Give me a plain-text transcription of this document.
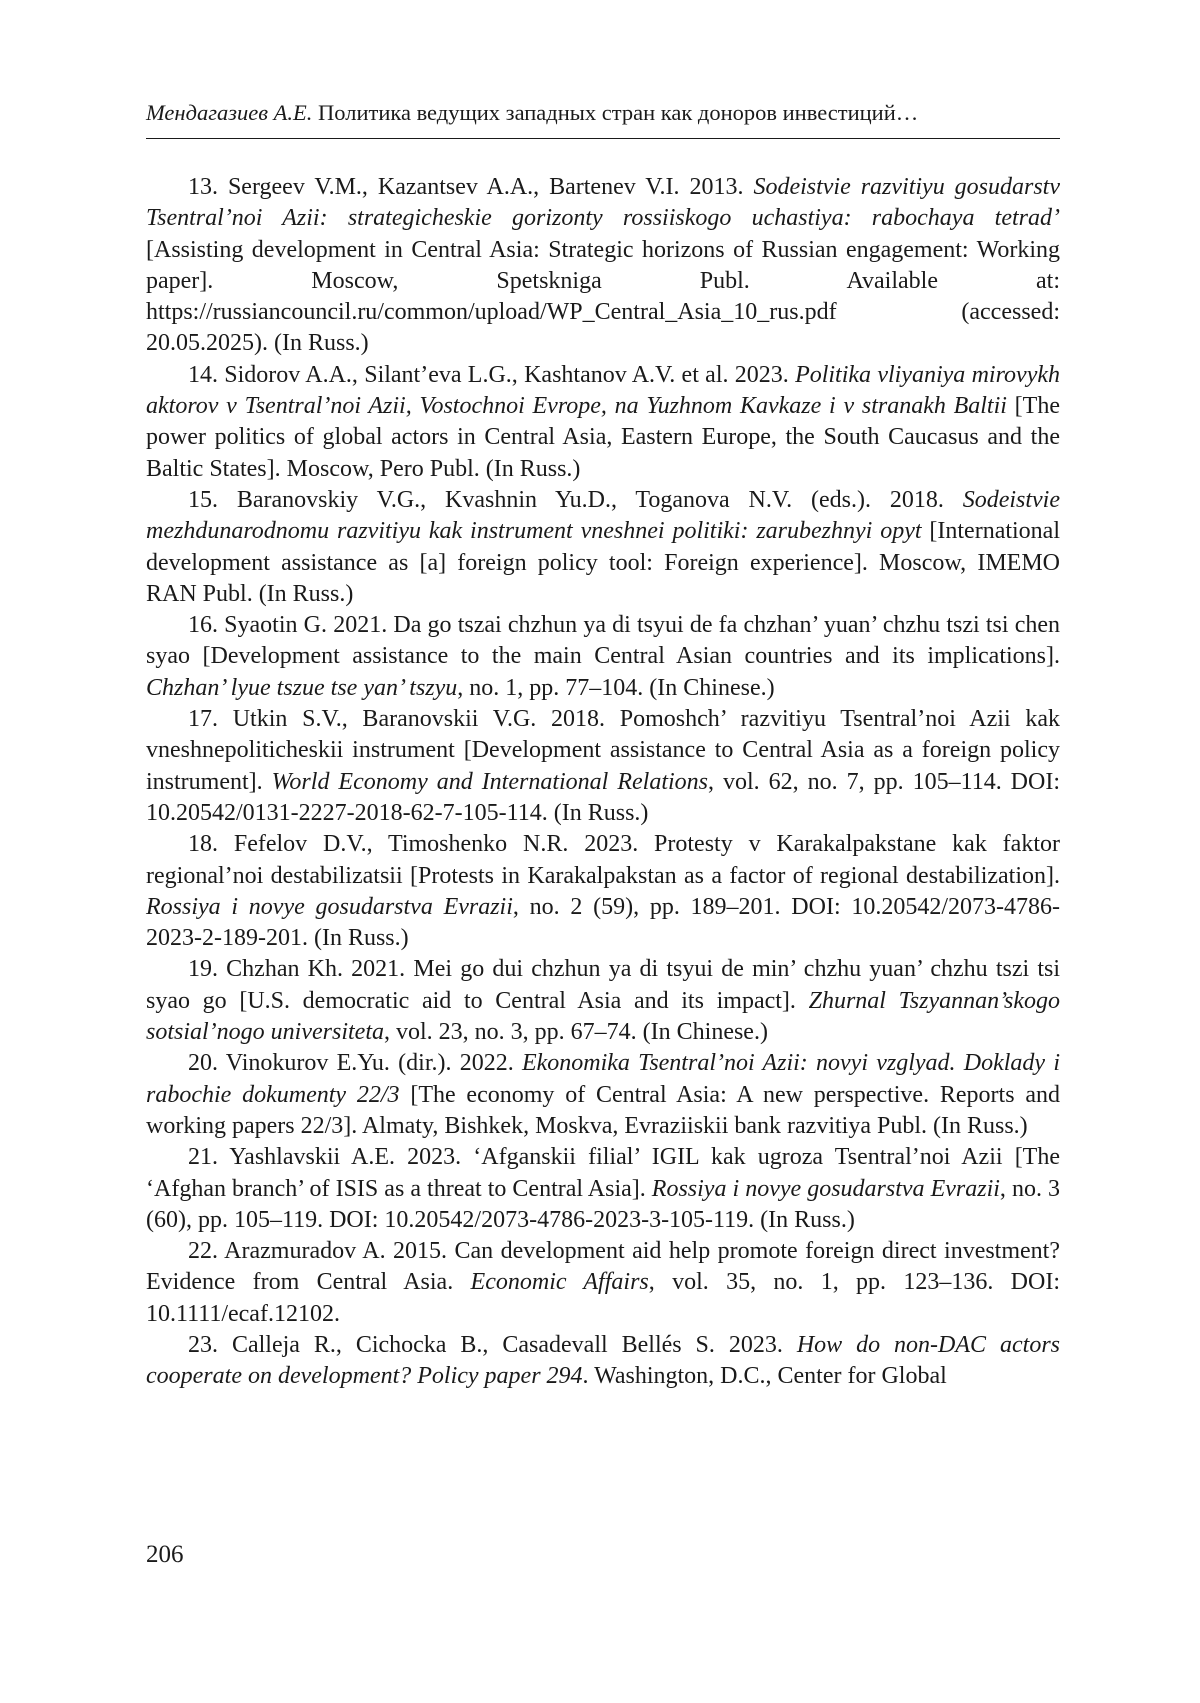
Мендагазиев А.Е. Политика ведущих западных стран как доноров инвестиций…

13. Sergeev V.M., Kazantsev A.A., Bartenev V.I. 2013. Sodeistvie razvitiyu gosudarstv Tsentral’noi Azii: strategicheskie gorizonty rossiiskogo uchastiya: rabochaya tetrad’ [Assisting development in Central Asia: Strategic horizons of Russian engagement: Working paper]. Moscow, Spetskniga Publ. Available at: https://russiancouncil.ru/common/upload/WP_Central_Asia_10_rus.pdf (accessed: 20.05.2025). (In Russ.)

14. Sidorov A.A., Silant’eva L.G., Kashtanov A.V. et al. 2023. Politika vliyaniya mirovykh aktorov v Tsentral’noi Azii, Vostochnoi Evrope, na Yuzhnom Kavkaze i v stranakh Baltii [The power politics of global actors in Central Asia, Eastern Europe, the South Caucasus and the Baltic States]. Moscow, Pero Publ. (In Russ.)

15. Baranovskiy V.G., Kvashnin Yu.D., Toganova N.V. (eds.). 2018. Sodeistvie mezhdunarodnomu razvitiyu kak instrument vneshnei politiki: zarubezhnyi opyt [International development assistance as [a] foreign policy tool: Foreign experience]. Moscow, IMEMO RAN Publ. (In Russ.)

16. Syaotin G. 2021. Da go tszai chzhun ya di tsyui de fa chzhan’ yuan’ chzhu tszi tsi chen syao [Development assistance to the main Central Asian countries and its implications]. Chzhan’ lyue tszue tse yan’ tszyu, no. 1, pp. 77–104. (In Chinese.)

17. Utkin S.V., Baranovskii V.G. 2018. Pomoshch’ razvitiyu Tsentral’noi Azii kak vneshnepoliticheskii instrument [Development assistance to Central Asia as a foreign policy instrument]. World Economy and International Relations, vol. 62, no. 7, pp. 105–114. DOI: 10.20542/0131-2227-2018-62-7-105-114. (In Russ.)

18. Fefelov D.V., Timoshenko N.R. 2023. Protesty v Karakalpakstane kak faktor regional’noi destabilizatsii [Protests in Karakalpakstan as a factor of regional destabilization]. Rossiya i novye gosudarstva Evrazii, no. 2 (59), pp. 189–201. DOI: 10.20542/2073-4786-2023-2-189-201. (In Russ.)

19. Chzhan Kh. 2021. Mei go dui chzhun ya di tsyui de min’ chzhu yuan’ chzhu tszi tsi syao go [U.S. democratic aid to Central Asia and its impact]. Zhurnal Tszyannan’skogo sotsial’nogo universiteta, vol. 23, no. 3, pp. 67–74. (In Chinese.)

20. Vinokurov E.Yu. (dir.). 2022. Ekonomika Tsentral’noi Azii: novyi vzglyad. Doklady i rabochie dokumenty 22/3 [The economy of Central Asia: A new perspective. Reports and working papers 22/3]. Almaty, Bishkek, Moskva, Evraziiskii bank razvitiya Publ. (In Russ.)

21. Yashlavskii A.E. 2023. ‘Afganskii filial’ IGIL kak ugroza Tsentral’noi Azii [The ‘Afghan branch’ of ISIS as a threat to Central Asia]. Rossiya i novye gosudarstva Evrazii, no. 3 (60), pp. 105–119. DOI: 10.20542/2073-4786-2023-3-105-119. (In Russ.)

22. Arazmuradov A. 2015. Can development aid help promote foreign direct investment? Evidence from Central Asia. Economic Affairs, vol. 35, no. 1, pp. 123–136. DOI: 10.1111/ecaf.12102.

23. Calleja R., Cichocka B., Casadevall Bellés S. 2023. How do non-DAC actors cooperate on development? Policy paper 294. Washington, D.C., Center for Global

206
